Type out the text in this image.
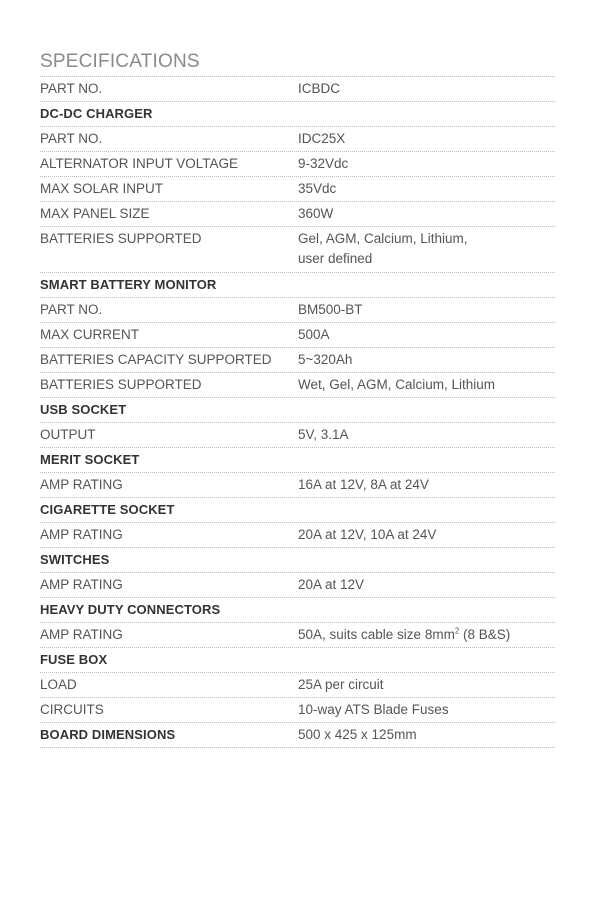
SPECIFICATIONS
PART NO.	ICBDC
DC-DC CHARGER
PART NO.	IDC25X
ALTERNATOR INPUT VOLTAGE	9-32Vdc
MAX SOLAR INPUT	35Vdc
MAX PANEL SIZE	360W
BATTERIES SUPPORTED	Gel, AGM, Calcium, Lithium,
user defined
SMART BATTERY MONITOR
PART NO.	BM500-BT
MAX CURRENT	500A
BATTERIES CAPACITY SUPPORTED	5~320Ah
BATTERIES SUPPORTED	Wet, Gel, AGM, Calcium, Lithium
USB SOCKET
OUTPUT	5V, 3.1A
MERIT SOCKET
AMP RATING	16A at 12V, 8A at 24V
CIGARETTE SOCKET
AMP RATING	20A at 12V, 10A at 24V
SWITCHES
AMP RATING	20A at 12V
HEAVY DUTY CONNECTORS
AMP RATING	50A, suits cable size $8mm^2$ (8 B&S)
FUSE BOX
LOAD	25A per circuit
CIRCUITS	10-way ATS Blade Fuses
BOARD DIMENSIONS	500 x 425 x 125mm
